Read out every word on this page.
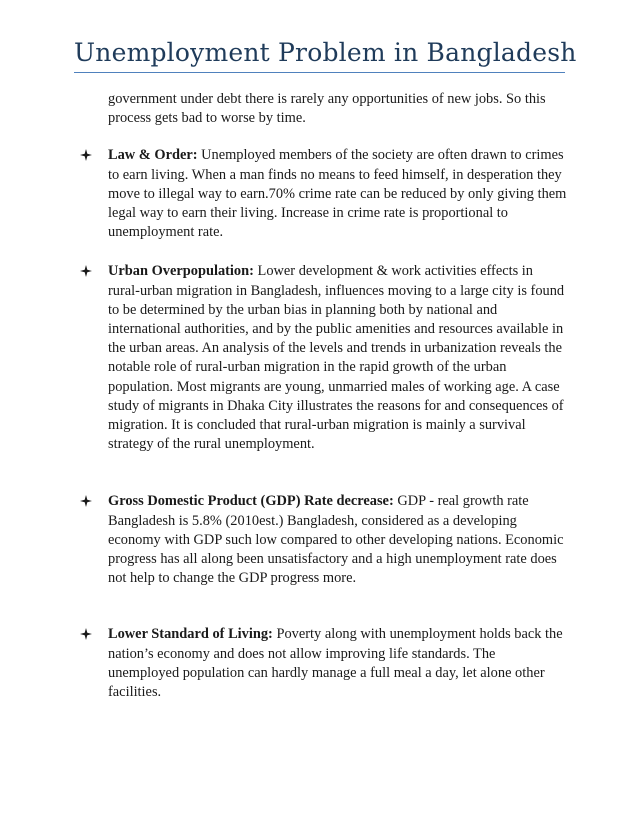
Unemployment Problem in Bangladesh

government under debt there is rarely any opportunities of new jobs. So this process gets bad to worse by time.

Law & Order: Unemployed members of the society are often drawn to crimes to earn living. When a man finds no means to feed himself, in desperation they move to illegal way to earn.70% crime rate can be reduced by only giving them legal way to earn their living. Increase in crime rate is proportional to unemployment rate.
Urban Overpopulation: Lower development & work activities effects in rural-urban migration in Bangladesh, influences moving to a large city is found to be determined by the urban bias in planning both by national and international authorities, and by the public amenities and resources available in the urban areas. An analysis of the levels and trends in urbanization reveals the notable role of rural-urban migration in the rapid growth of the urban population. Most migrants are young, unmarried males of working age. A case study of migrants in Dhaka City illustrates the reasons for and consequences of migration. It is concluded that rural-urban migration is mainly a survival strategy of the rural unemployment.
Gross Domestic Product (GDP) Rate decrease: GDP - real growth rate Bangladesh is 5.8% (2010est.) Bangladesh, considered as a developing economy with GDP such low compared to other developing nations. Economic progress has all along been unsatisfactory and a high unemployment rate does not help to change the GDP progress more.
Lower Standard of Living: Poverty along with unemployment holds back the nation’s economy and does not allow improving life standards. The unemployed population can hardly manage a full meal a day, let alone other facilities.
